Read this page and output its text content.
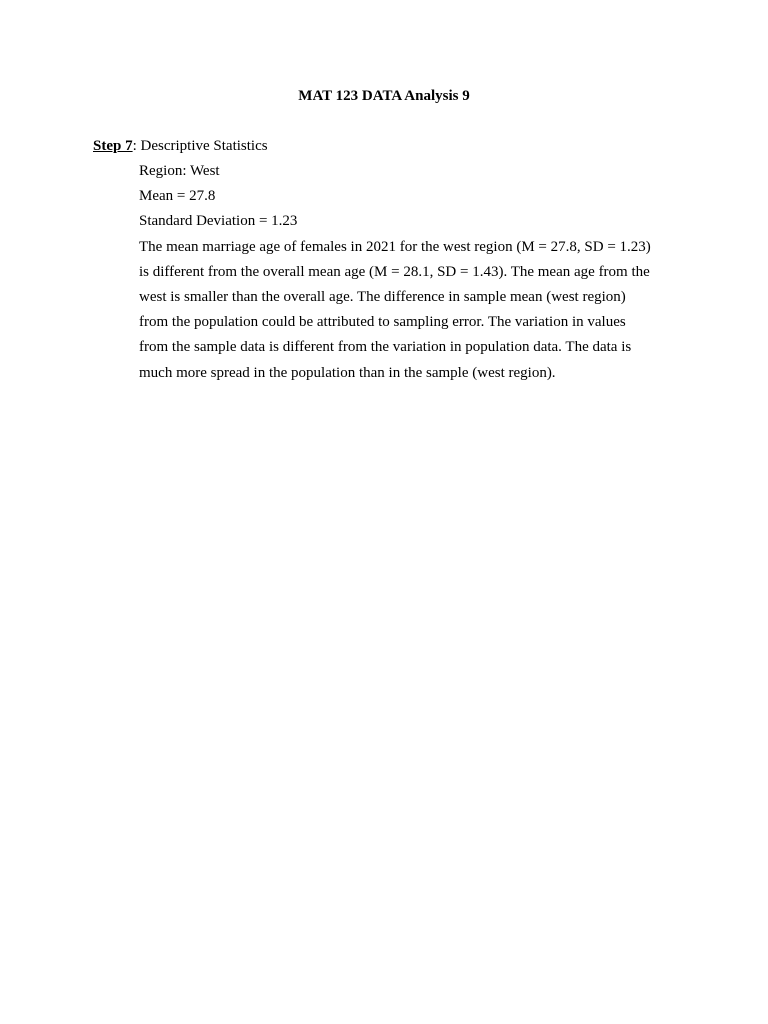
MAT 123 DATA Analysis 9
Step 7: Descriptive Statistics
Region: West
Mean = 27.8
Standard Deviation = 1.23
The mean marriage age of females in 2021 for the west region (M = 27.8, SD = 1.23)
is different from the overall mean age (M = 28.1, SD = 1.43). The mean age from the
west is smaller than the overall age. The difference in sample mean (west region)
from the population could be attributed to sampling error. The variation in values
from the sample data is different from the variation in population data. The data is
much more spread in the population than in the sample (west region).
